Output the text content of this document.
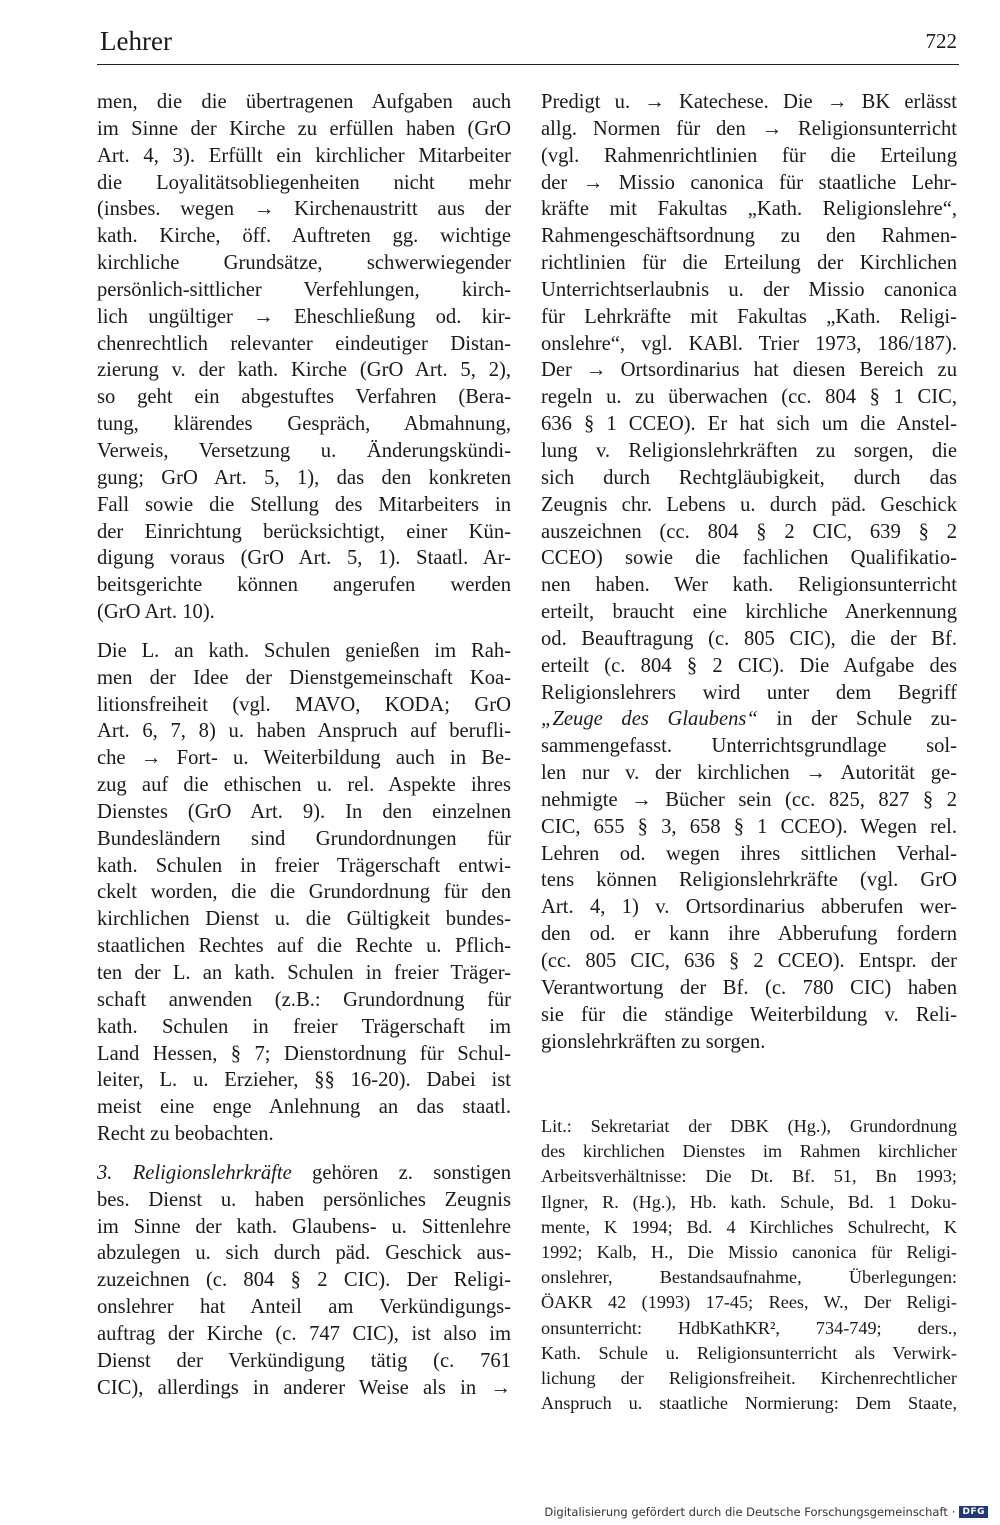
Lehrer	722
men, die die übertragenen Aufgaben auch
im Sinne der Kirche zu erfüllen haben (GrO
Art. 4, 3). Erfüllt ein kirchlicher Mitarbeiter
die Loyalitätsobliegenheiten nicht mehr
(insbes. wegen → Kirchenaustritt aus der
kath. Kirche, öff. Auftreten gg. wichtige
kirchliche Grundsätze, schwerwiegender
persönlich-sittlicher Verfehlungen, kirch-
lich ungültiger → Eheschließung od. kir-
chenrechtlich relevanter eindeutiger Distan-
zierung v. der kath. Kirche (GrO Art. 5, 2),
so geht ein abgestuftes Verfahren (Bera-
tung, klärendes Gespräch, Abmahnung,
Verweis, Versetzung u. Änderungskündi-
gung; GrO Art. 5, 1), das den konkreten
Fall sowie die Stellung des Mitarbeiters in
der Einrichtung berücksichtigt, einer Kün-
digung voraus (GrO Art. 5, 1). Staatl. Ar-
beitsgerichte können angerufen werden
(GrO Art. 10).
Die L. an kath. Schulen genießen im Rah-
men der Idee der Dienstgemeinschaft Koa-
litionsfreiheit (vgl. MAVO, KODA; GrO
Art. 6, 7, 8) u. haben Anspruch auf berufli-
che → Fort- u. Weiterbildung auch in Be-
zug auf die ethischen u. rel. Aspekte ihres
Dienstes (GrO Art. 9). In den einzelnen
Bundesländern sind Grundordnungen für
kath. Schulen in freier Trägerschaft entwi-
ckelt worden, die die Grundordnung für den
kirchlichen Dienst u. die Gültigkeit bundes-
staatlichen Rechtes auf die Rechte u. Pflich-
ten der L. an kath. Schulen in freier Träger-
schaft anwenden (z.B.: Grundordnung für
kath. Schulen in freier Trägerschaft im
Land Hessen, § 7; Dienstordnung für Schul-
leiter, L. u. Erzieher, §§ 16-20). Dabei ist
meist eine enge Anlehnung an das staatl.
Recht zu beobachten.
3. Religionslehrkräfte gehören z. sonstigen
bes. Dienst u. haben persönliches Zeugnis
im Sinne der kath. Glaubens- u. Sittenlehre
abzulegen u. sich durch päd. Geschick aus-
zuzeichnen (c. 804 § 2 CIC). Der Religi-
onslehrer hat Anteil am Verkündigungs-
auftrag der Kirche (c. 747 CIC), ist also im
Dienst der Verkündigung tätig (c. 761
CIC), allerdings in anderer Weise als in →
Predigt u. → Katechese. Die → BK erlässt
allg. Normen für den → Religionsunterricht
(vgl. Rahmenrichtlinien für die Erteilung
der → Missio canonica für staatliche Lehr-
kräfte mit Fakultas „Kath. Religionslehre“,
Rahmengeschäftsordnung zu den Rahmen-
richtlinien für die Erteilung der Kirchlichen
Unterrichtserlaubnis u. der Missio canonica
für Lehrkräfte mit Fakultas „Kath. Religi-
onslehre“, vgl. KABl. Trier 1973, 186/187).
Der → Ortsordinarius hat diesen Bereich zu
regeln u. zu überwachen (cc. 804 § 1 CIC,
636 § 1 CCEO). Er hat sich um die Anstel-
lung v. Religionslehrkräften zu sorgen, die
sich durch Rechtgläubigkeit, durch das
Zeugnis chr. Lebens u. durch päd. Geschick
auszeichnen (cc. 804 § 2 CIC, 639 § 2
CCEO) sowie die fachlichen Qualifikatio-
nen haben. Wer kath. Religionsunterricht
erteilt, braucht eine kirchliche Anerkennung
od. Beauftragung (c. 805 CIC), die der Bf.
erteilt (c. 804 § 2 CIC). Die Aufgabe des
Religionslehrers wird unter dem Begriff
„Zeuge des Glaubens“ in der Schule zu-
sammengefasst. Unterrichtsgrundlage sol-
len nur v. der kirchlichen → Autorität ge-
nehmigte → Bücher sein (cc. 825, 827 § 2
CIC, 655 § 3, 658 § 1 CCEO). Wegen rel.
Lehren od. wegen ihres sittlichen Verhal-
tens können Religionslehrkräfte (vgl. GrO
Art. 4, 1) v. Ortsordinarius abberufen wer-
den od. er kann ihre Abberufung fordern
(cc. 805 CIC, 636 § 2 CCEO). Entspr. der
Verantwortung der Bf. (c. 780 CIC) haben
sie für die ständige Weiterbildung v. Reli-
gionslehrkräften zu sorgen.
Lit.: Sekretariat der DBK (Hg.), Grundordnung
des kirchlichen Dienstes im Rahmen kirchlicher
Arbeitsverhältnisse: Die Dt. Bf. 51, Bn 1993;
Ilgner, R. (Hg.), Hb. kath. Schule, Bd. 1 Doku-
mente, K 1994; Bd. 4 Kirchliches Schulrecht, K
1992; Kalb, H., Die Missio canonica für Religi-
onslehrer, Bestandsaufnahme, Überlegungen:
ÖAKR 42 (1993) 17-45; Rees, W., Der Religi-
onsunterricht: HdbKathKR², 734-749; ders.,
Kath. Schule u. Religionsunterricht als Verwirk-
lichung der Religionsfreiheit. Kirchenrechtlicher
Anspruch u. staatliche Normierung: Dem Staate,
Digitalisierung gefördert durch die Deutsche Forschungsgemeinschaft · DFG
